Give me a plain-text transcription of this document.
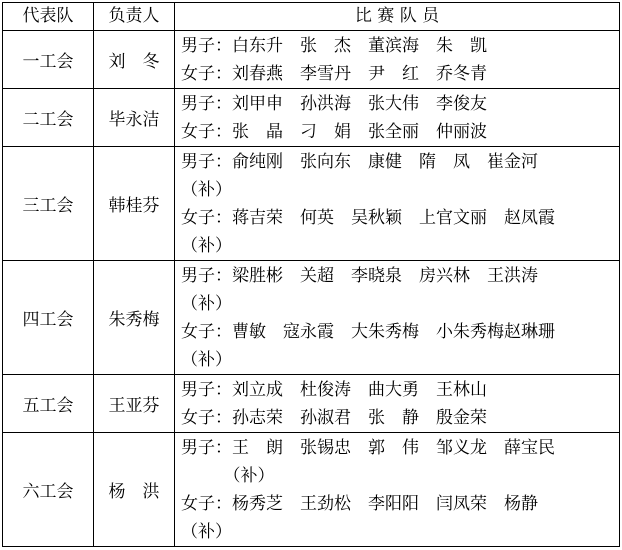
代表队	负责人	比 赛 队 员
一工会	刘　冬	男子：白东升　张　杰　董滨海　朱　凯
女子：刘春燕　李雪丹　尹　红　乔冬青

二工会	毕永洁	男子：刘甲申　孙洪海　张大伟　李俊友
女子：张　晶　刁　娟　张全丽　仲丽波

三工会	韩桂芬	男子：俞纯刚　张向东　康健　隋　凤　崔金河
（补）
女子：蒋吉荣　何英　吴秋颖　上官文丽　赵凤霞
（补）

四工会	朱秀梅	男子：梁胜彬　关超　李晓泉　房兴林　王洪涛
（补）
女子：曹敏　寇永霞　大朱秀梅　小朱秀梅赵琳珊
（补）

五工会	王亚芬	男子：刘立成　杜俊涛　曲大勇　王林山
女子：孙志荣　孙淑君　张　静　殷金荣

六工会	杨　洪	男子：王　朗　张锡忠　郭　伟　邹义龙　薛宝民
　　　（补）
女子：杨秀芝　王劲松　李阳阳　闫凤荣　杨静
（补）
